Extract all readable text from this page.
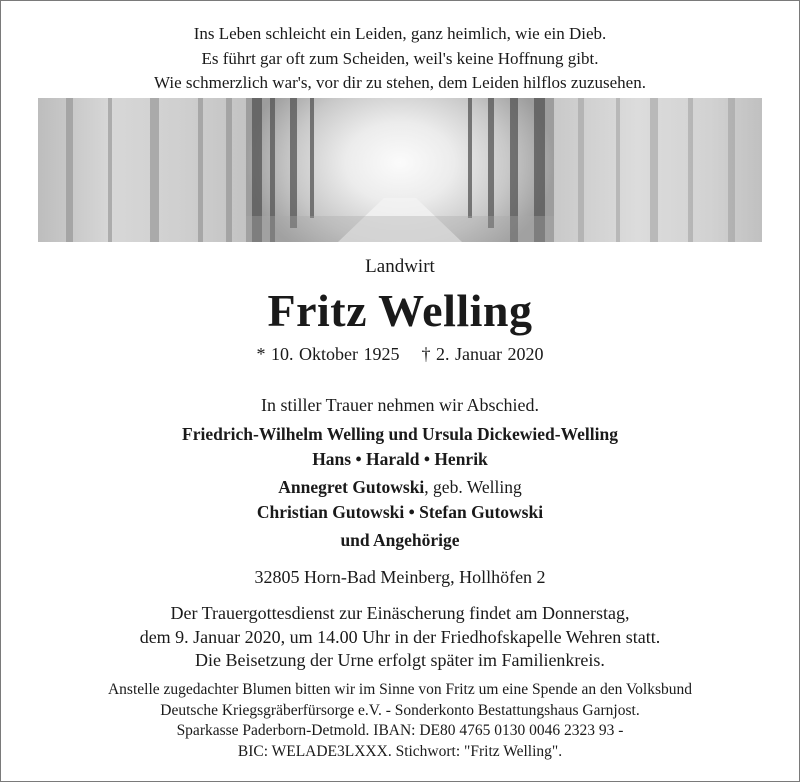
Ins Leben schleicht ein Leiden, ganz heimlich, wie ein Dieb.
Es führt gar oft zum Scheiden, weil's keine Hoffnung gibt.
Wie schmerzlich war's, vor dir zu stehen, dem Leiden hilflos zuzusehen.
Landwirt
Fritz Welling
* 10. Oktober 1925 † 2. Januar 2020
In stiller Trauer nehmen wir Abschied.
Friedrich-Wilhelm Welling und Ursula Dickewied-Welling
Hans • Harald • Henrik
Annegret Gutowski, geb. Welling
Christian Gutowski • Stefan Gutowski
und Angehörige
32805 Horn-Bad Meinberg, Hollhöfen 2
Der Trauergottesdienst zur Einäscherung findet am Donnerstag,
dem 9. Januar 2020, um 14.00 Uhr in der Friedhofskapelle Wehren statt.
Die Beisetzung der Urne erfolgt später im Familienkreis.
Anstelle zugedachter Blumen bitten wir im Sinne von Fritz um eine Spende an den Volksbund
Deutsche Kriegsgräberfürsorge e.V. - Sonderkonto Bestattungshaus Garnjost.
Sparkasse Paderborn-Detmold. IBAN: DE80 4765 0130 0046 2323 93 -
BIC: WELADE3LXXX. Stichwort: "Fritz Welling".
